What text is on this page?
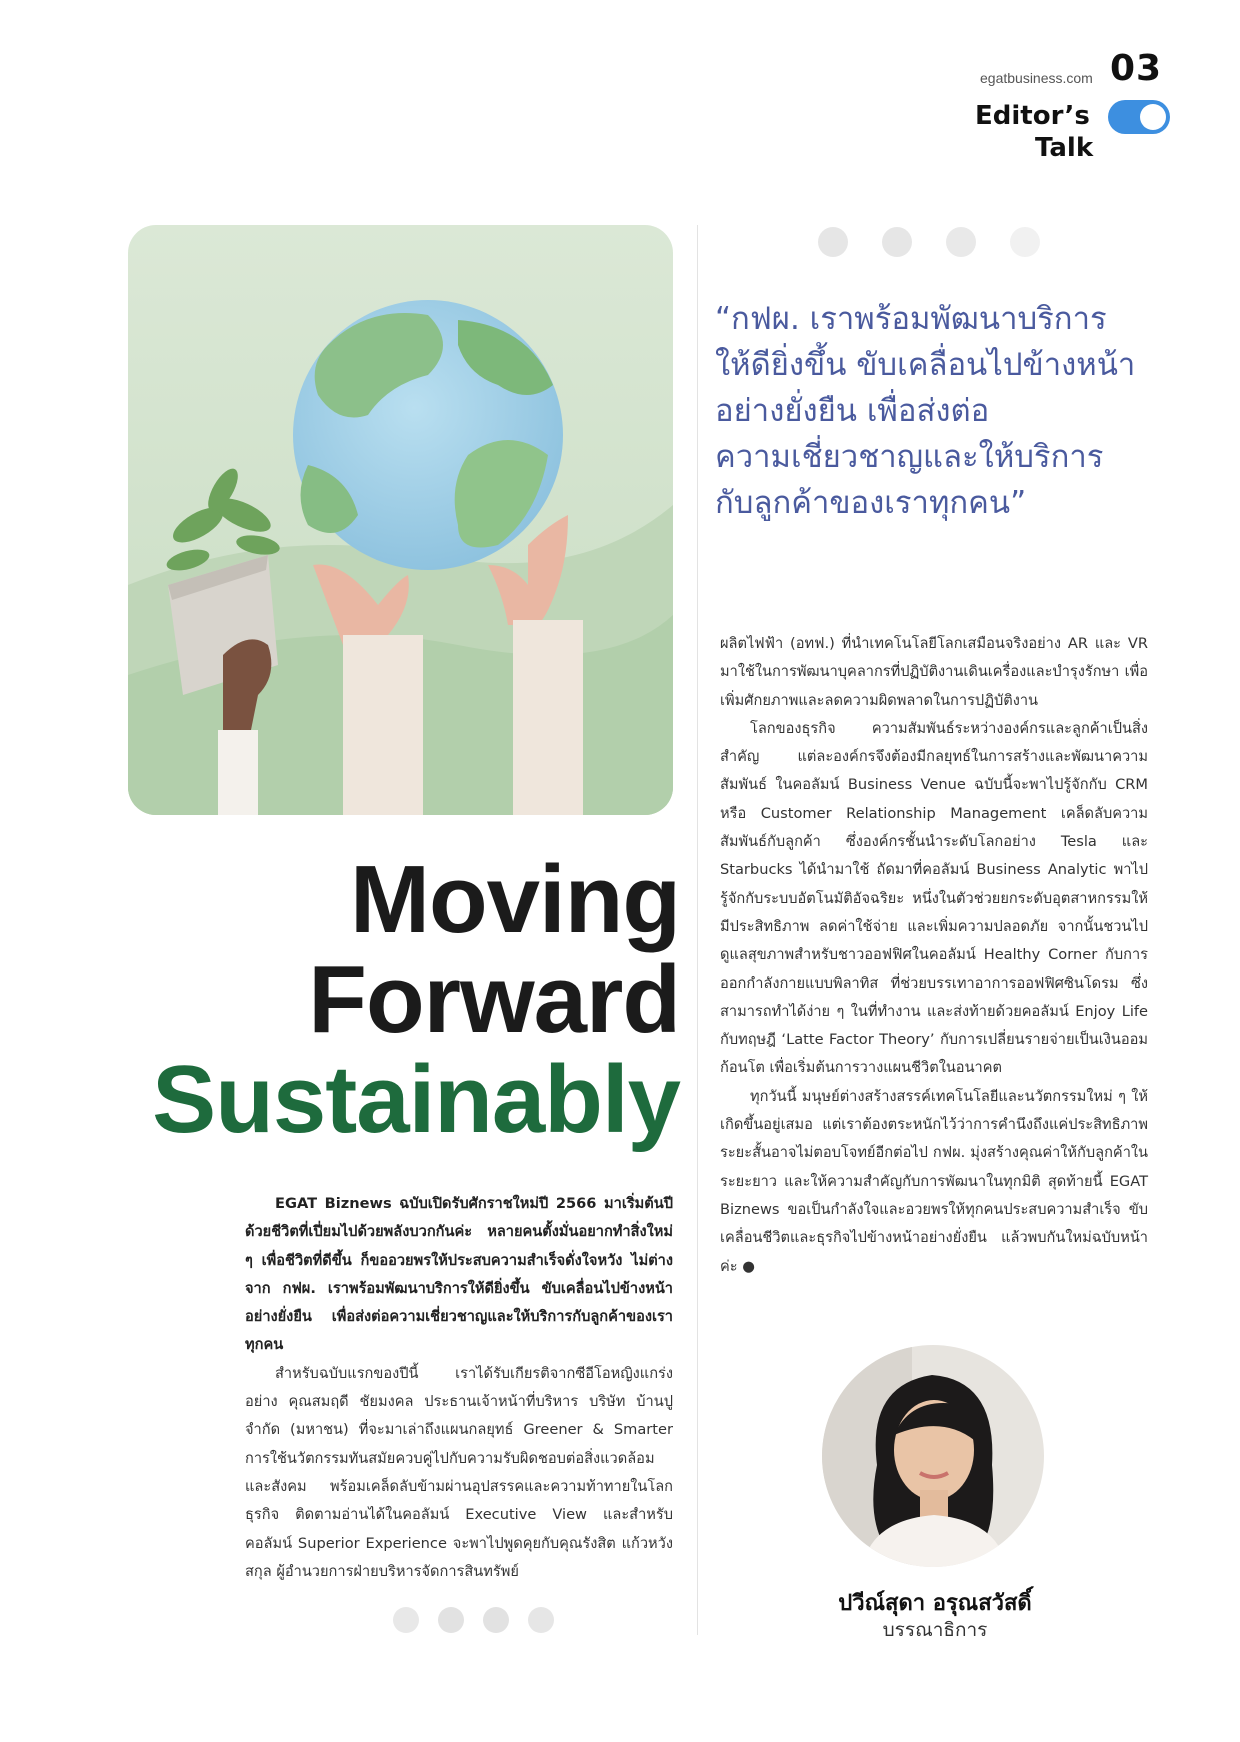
egatbusiness.com 03
Editor’s
Talk
“กฟผ. เราพร้อมพัฒนาบริการ
ให้ดียิ่งขึ้น ขับเคลื่อนไปข้างหน้า
อย่างยั่งยืน เพื่อส่งต่อ
ความเชี่ยวชาญและให้บริการ
กับลูกค้าของเราทุกคน”
Moving
Forward
Sustainably

EGAT Biznews ฉบับเปิดรับศักราชใหม่ปี 2566 มาเริ่มต้นปีด้วยชีวิตที่เปี่ยมไปด้วยพลังบวกกันค่ะ หลายคนตั้งมั่นอยากทำสิ่งใหม่ ๆ เพื่อชีวิตที่ดีขึ้น ก็ขออวยพรให้ประสบความสำเร็จดั่งใจหวัง ไม่ต่างจาก กฟผ. เราพร้อมพัฒนาบริการให้ดียิ่งขึ้น ขับเคลื่อนไปข้างหน้าอย่างยั่งยืน เพื่อส่งต่อความเชี่ยวชาญและให้บริการกับลูกค้าของเราทุกคน

สำหรับฉบับแรกของปีนี้ เราได้รับเกียรติจากซีอีโอหญิงแกร่งอย่าง คุณสมฤดี ชัยมงคล ประธานเจ้าหน้าที่บริหาร บริษัท บ้านปู จำกัด (มหาชน) ที่จะมาเล่าถึงแผนกลยุทธ์ Greener & Smarter การใช้นวัตกรรมทันสมัยควบคู่ไปกับความรับผิดชอบต่อสิ่งแวดล้อมและสังคม พร้อมเคล็ดลับข้ามผ่านอุปสรรคและความท้าทายในโลกธุรกิจ ติดตามอ่านได้ในคอลัมน์ Executive View และสำหรับคอลัมน์ Superior Experience จะพาไปพูดคุยกับคุณรังสิต แก้วหวังสกุล ผู้อำนวยการฝ่ายบริหารจัดการสินทรัพย์

ผลิตไฟฟ้า (อทฟ.) ที่นำเทคโนโลยีโลกเสมือนจริงอย่าง AR และ VR มาใช้ในการพัฒนาบุคลากรที่ปฏิบัติงานเดินเครื่องและบำรุงรักษา เพื่อเพิ่มศักยภาพและลดความผิดพลาดในการปฏิบัติงาน

โลกของธุรกิจ ความสัมพันธ์ระหว่างองค์กรและลูกค้าเป็นสิ่งสำคัญ แต่ละองค์กรจึงต้องมีกลยุทธ์ในการสร้างและพัฒนาความสัมพันธ์ ในคอลัมน์ Business Venue ฉบับนี้จะพาไปรู้จักกับ CRM หรือ Customer Relationship Management เคล็ดลับความสัมพันธ์กับลูกค้า ซึ่งองค์กรชั้นนำระดับโลกอย่าง Tesla และ Starbucks ได้นำมาใช้ ถัดมาที่คอลัมน์ Business Analytic พาไปรู้จักกับระบบอัตโนมัติอัจฉริยะ หนึ่งในตัวช่วยยกระดับอุตสาหกรรมให้มีประสิทธิภาพ ลดค่าใช้จ่าย และเพิ่มความปลอดภัย จากนั้นชวนไปดูแลสุขภาพสำหรับชาวออฟฟิศในคอลัมน์ Healthy Corner กับการออกกำลังกายแบบพิลาทิส ที่ช่วยบรรเทาอาการออฟฟิศซินโดรม ซึ่งสามารถทำได้ง่าย ๆ ในที่ทำงาน และส่งท้ายด้วยคอลัมน์ Enjoy Life กับทฤษฎี ‘Latte Factor Theory’ กับการเปลี่ยนรายจ่ายเป็นเงินออมก้อนโต เพื่อเริ่มต้นการวางแผนชีวิตในอนาคต

ทุกวันนี้ มนุษย์ต่างสร้างสรรค์เทคโนโลยีและนวัตกรรมใหม่ ๆ ให้เกิดขึ้นอยู่เสมอ แต่เราต้องตระหนักไว้ว่าการคำนึงถึงแค่ประสิทธิภาพระยะสั้นอาจไม่ตอบโจทย์อีกต่อไป กฟผ. มุ่งสร้างคุณค่าให้กับลูกค้าในระยะยาว และให้ความสำคัญกับการพัฒนาในทุกมิติ สุดท้ายนี้ EGAT Biznews ขอเป็นกำลังใจและอวยพรให้ทุกคนประสบความสำเร็จ ขับเคลื่อนชีวิตและธุรกิจไปข้างหน้าอย่างยั่งยืน แล้วพบกันใหม่ฉบับหน้าค่ะ ●

ปวีณ์สุดา อรุณสวัสดิ์
บรรณาธิการ
